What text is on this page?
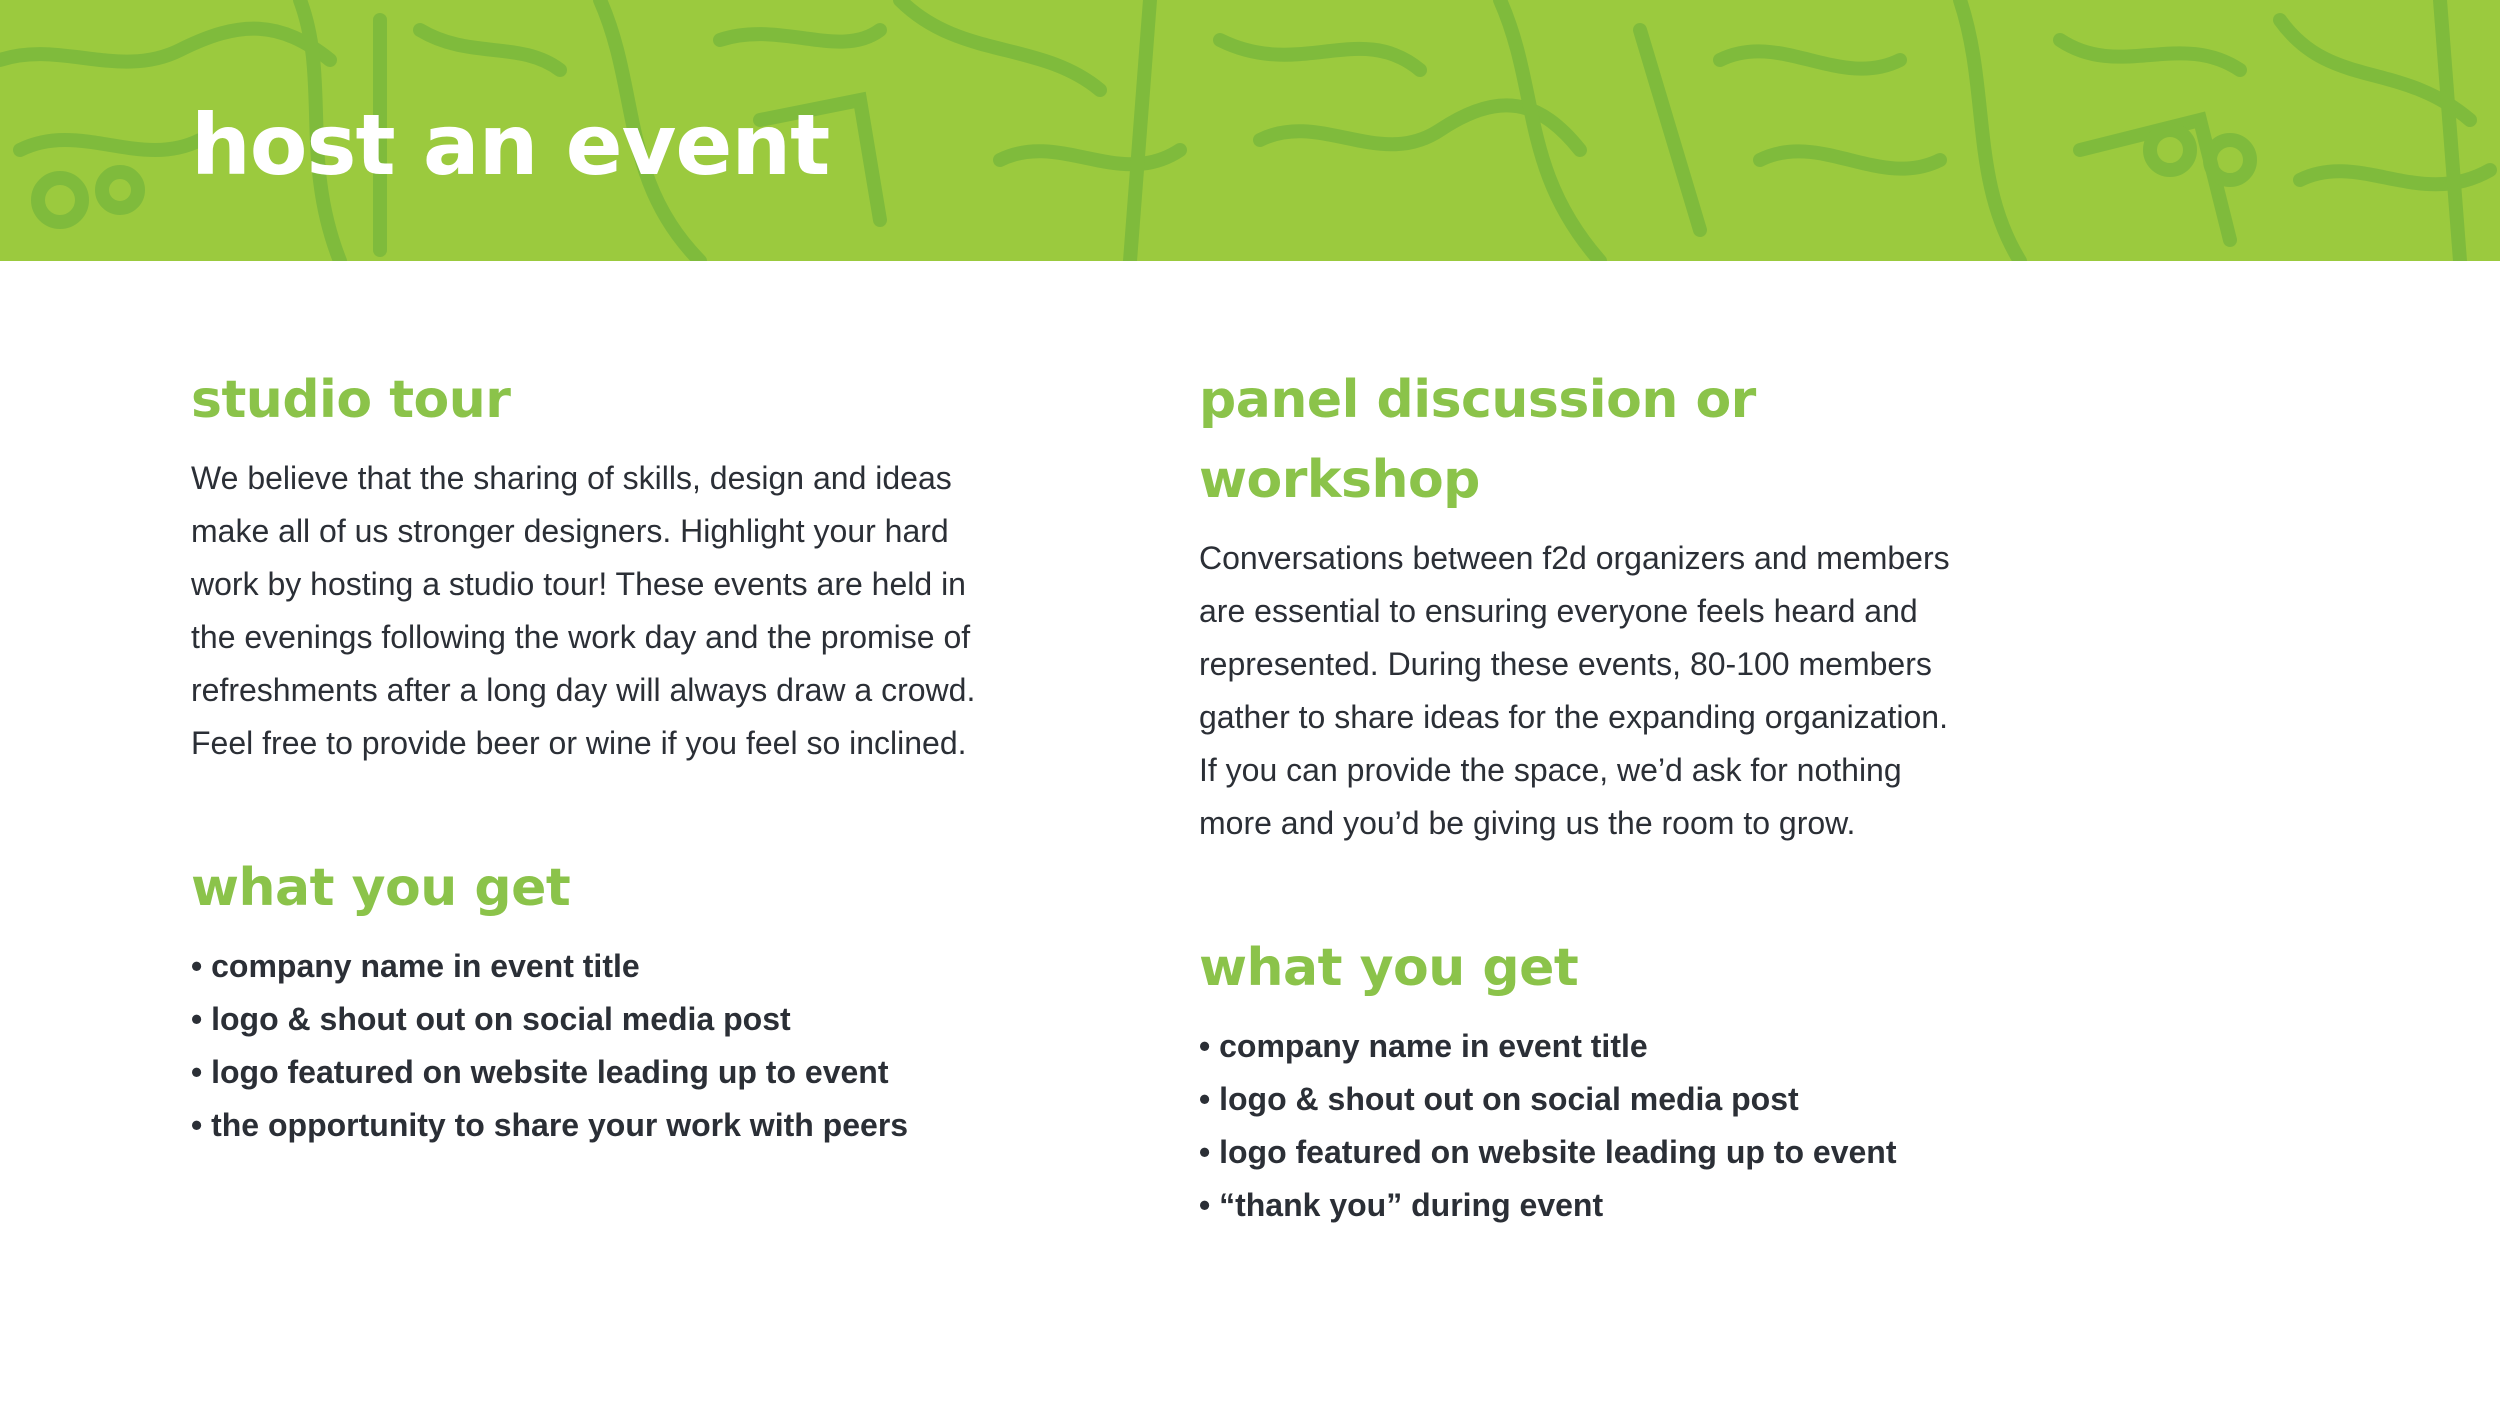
host an event
studio tour

We believe that the sharing of skills, design and ideas
make all of us stronger designers. Highlight your hard
work by hosting a studio tour! These events are held in
the evenings following the work day and the promise of
refreshments after a long day will always draw a crowd.
Feel free to provide beer or wine if you feel so inclined.

what you get
• company name in event title
• logo & shout out on social media post
• logo featured on website leading up to event
• the opportunity to share your work with peers
panel discussion or workshop

Conversations between f2d organizers and members
are essential to ensuring everyone feels heard and
represented. During these events, 80-100 members
gather to share ideas for the expanding organization.
If you can provide the space, we’d ask for nothing
more and you’d be giving us the room to grow.

what you get
• company name in event title
• logo & shout out on social media post
• logo featured on website leading up to event
• “thank you” during event
